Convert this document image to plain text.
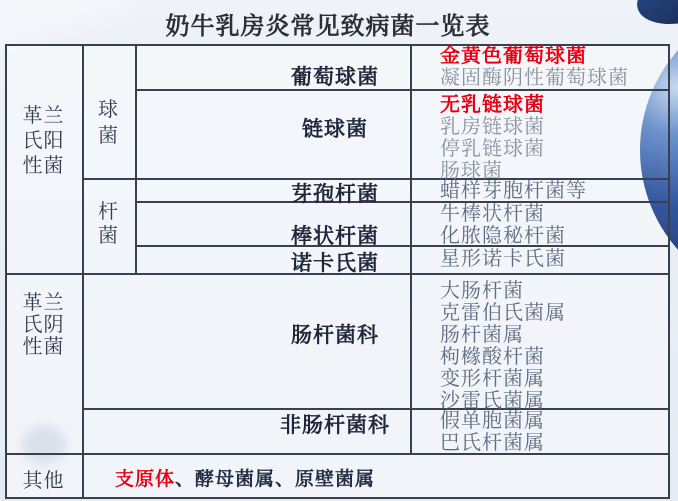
奶牛乳房炎常见致病菌一览表
革兰
氏阳
性菌
球
菌
杆
菌
革兰
氏阴
性菌
其他
葡萄球菌
链球菌
芽孢杆菌
棒状杆菌
诺卡氏菌
肠杆菌科
非肠杆菌科
金黄色葡萄球菌
凝固酶阴性葡萄球菌
无乳链球菌
乳房链球菌
停乳链球菌
肠球菌
蜡样芽胞杆菌等
牛棒状杆菌
化脓隐秘杆菌
星形诺卡氏菌
大肠杆菌
克雷伯氏菌属
肠杆菌属
枸橼酸杆菌
变形杆菌属
沙雷氏菌属
假单胞菌属
巴氏杆菌属
支原体、酵母菌属、原壁菌属
